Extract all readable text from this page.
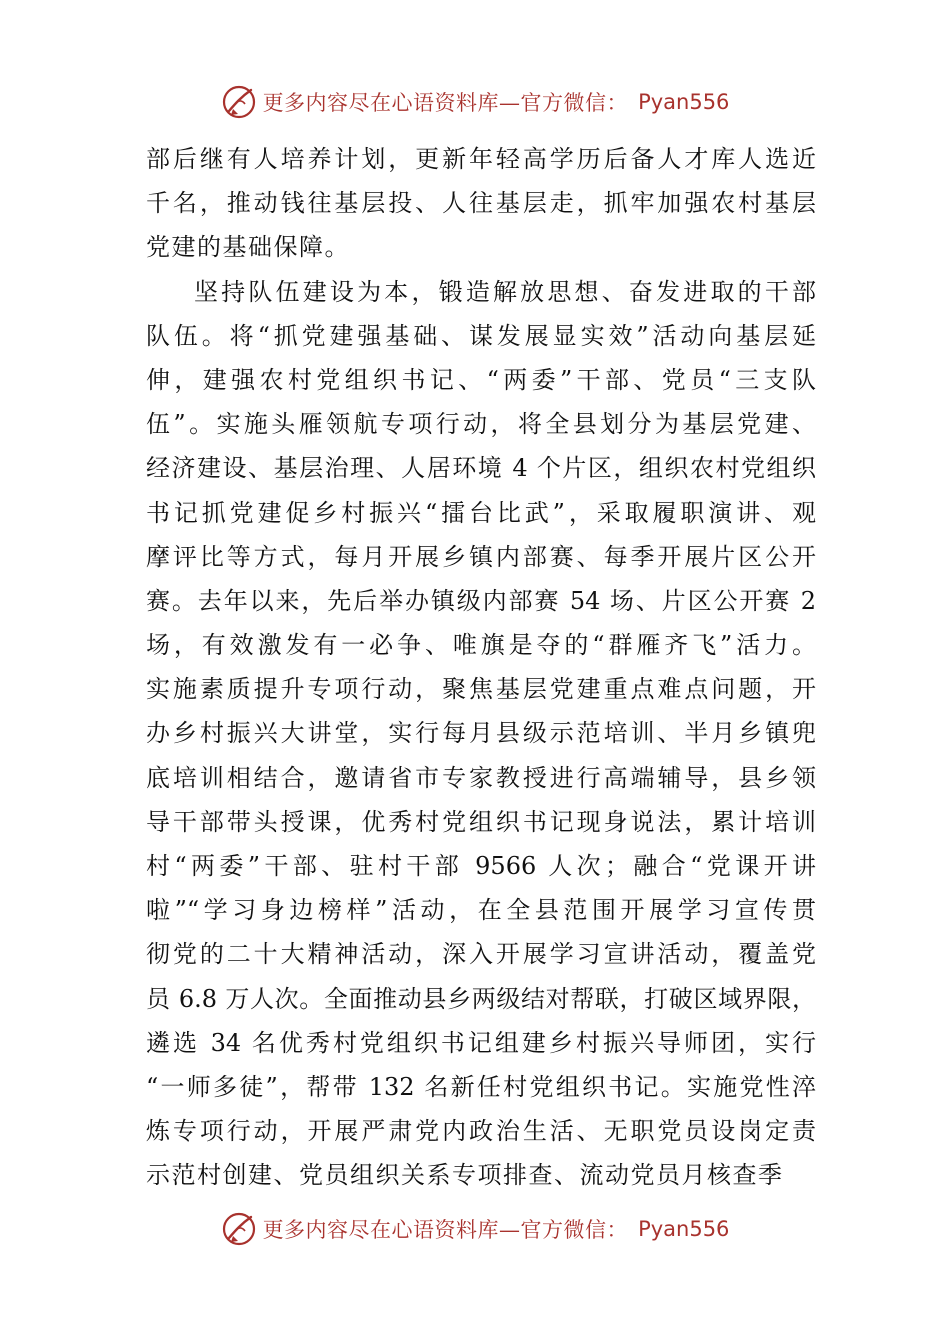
更多内容尽在心语资料库—官方微信： Pyan556
部后继有人培养计划，更新年轻高学历后备人才库人选近
千名，推动钱往基层投、人往基层走，抓牢加强农村基层
党建的基础保障。
坚持队伍建设为本，锻造解放思想、奋发进取的干部
队伍。将“抓党建强基础、谋发展显实效”活动向基层延
伸，建强农村党组织书记、“两委”干部、党员“三支队
伍”。实施头雁领航专项行动，将全县划分为基层党建、
经济建设、基层治理、人居环境 4 个片区，组织农村党组织
书记抓党建促乡村振兴“擂台比武”，采取履职演讲、观
摩评比等方式，每月开展乡镇内部赛、每季开展片区公开
赛。去年以来，先后举办镇级内部赛 54 场、片区公开赛 2
场，有效激发有一必争、唯旗是夺的“群雁齐飞”活力。
实施素质提升专项行动，聚焦基层党建重点难点问题，开
办乡村振兴大讲堂，实行每月县级示范培训、半月乡镇兜
底培训相结合，邀请省市专家教授进行高端辅导，县乡领
导干部带头授课，优秀村党组织书记现身说法，累计培训
村“两委”干部、驻村干部 9566 人次；融合“党课开讲
啦”“学习身边榜样”活动，在全县范围开展学习宣传贯
彻党的二十大精神活动，深入开展学习宣讲活动，覆盖党
员 6.8 万人次。全面推动县乡两级结对帮联，打破区域界限，
遴选 34 名优秀村党组织书记组建乡村振兴导师团，实行
“一师多徒”，帮带 132 名新任村党组织书记。实施党性淬
炼专项行动，开展严肃党内政治生活、无职党员设岗定责
示范村创建、党员组织关系专项排查、流动党员月核查季
更多内容尽在心语资料库—官方微信： Pyan556
